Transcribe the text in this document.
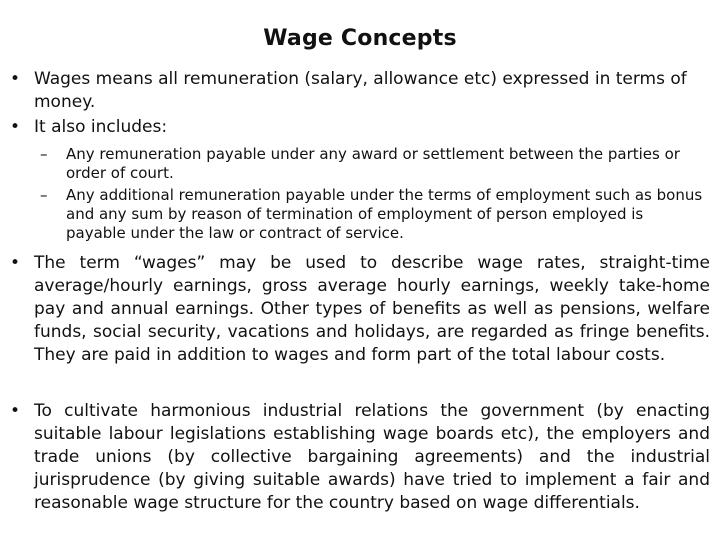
Wage Concepts
• Wages means all remuneration (salary, allowance etc) expressed in terms of money.
• It also includes:
–	Any remuneration payable under any award or settlement between the parties or order of court.
–	Any additional remuneration payable under the terms of employment such as bonus and any sum by reason of termination of employment of person employed is payable under the law or contract of service.
• The term “wages” may be used to describe wage rates, straight-time average/hourly earnings, gross average hourly earnings, weekly take-home pay and annual earnings. Other types of benefits as well as pensions, welfare funds, social security, vacations and holidays, are regarded as fringe benefits. They are paid in addition to wages and form part of the total labour costs.
• To cultivate harmonious industrial relations the government (by enacting suitable labour legislations establishing wage boards etc), the employers and trade unions (by collective bargaining agreements) and the industrial jurisprudence (by giving suitable awards) have tried to implement a fair and reasonable wage structure for the country based on wage differentials.
